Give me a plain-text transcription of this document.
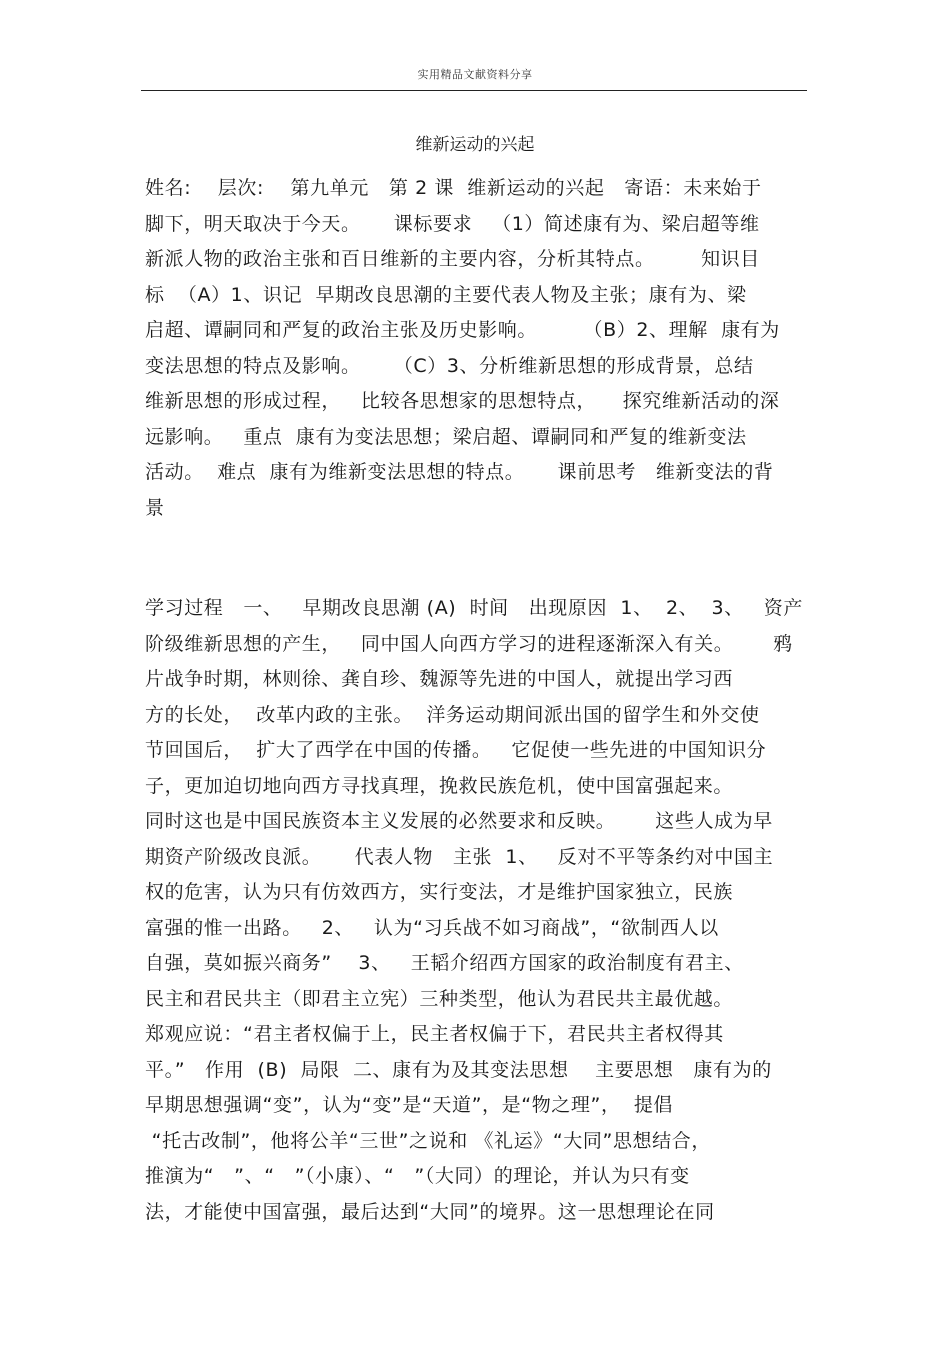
实用精品文献资料分享
维新运动的兴起
姓名:    层次:    第九单元   第 2 课  维新运动的兴起   寄语：未来始于
脚下，明天取决于今天。     课标要求   （1）简述康有为、梁启超等维
新派人物的政治主张和百日维新的主要内容，分析其特点。       知识目
标  （A）1、识记  早期改良思潮的主要代表人物及主张；康有为、梁
启超、谭嗣同和严复的政治主张及历史影响。       （B）2、理解  康有为
变法思想的特点及影响。     （C）3、分析维新思想的形成背景，总结
维新思想的形成过程，   比较各思想家的思想特点，    探究维新活动的深
远影响。   重点  康有为变法思想；梁启超、谭嗣同和严复的维新变法
活动。  难点  康有为维新变法思想的特点。     课前思考   维新变法的背
景
学习过程   一、   早期改良思潮 (A)  时间   出现原因  1、  2、  3、   资产
阶级维新思想的产生，   同中国人向西方学习的进程逐渐深入有关。      鸦
片战争时期，林则徐、龚自珍、魏源等先进的中国人，就提出学习西
方的长处，  改革内政的主张。  洋务运动期间派出国的留学生和外交使
节回国后，  扩大了西学在中国的传播。   它促使一些先进的中国知识分
子，更加迫切地向西方寻找真理，挽救民族危机，使中国富强起来。
同时这也是中国民族资本主义发展的必然要求和反映。      这些人成为早
期资产阶级改良派。     代表人物   主张  1、   反对不平等条约对中国主
权的危害，认为只有仿效西方，实行变法，才是维护国家独立，民族
富强的惟一出路。   2、   认为“习兵战不如习商战”，“欲制西人以
自强，莫如振兴商务”    3、   王韬介绍西方国家的政治制度有君主、
民主和君民共主（即君主立宪）三种类型，他认为君民共主最优越。
郑观应说：“君主者权偏于上，民主者权偏于下，君民共主者权得其
平。”   作用  (B)  局限  二、康有为及其变法思想    主要思想   康有为的
早期思想强调“变”，认为“变”是“天道”，是“物之理”，  提倡
“托古改制”，他将公羊“三世”之说和 《礼运》“大同”思想结合，
推演为“   ”、“   ”（小康）、“   ”（大同）的理论，并认为只有变
法，才能使中国富强，最后达到“大同”的境界。这一思想理论在同
